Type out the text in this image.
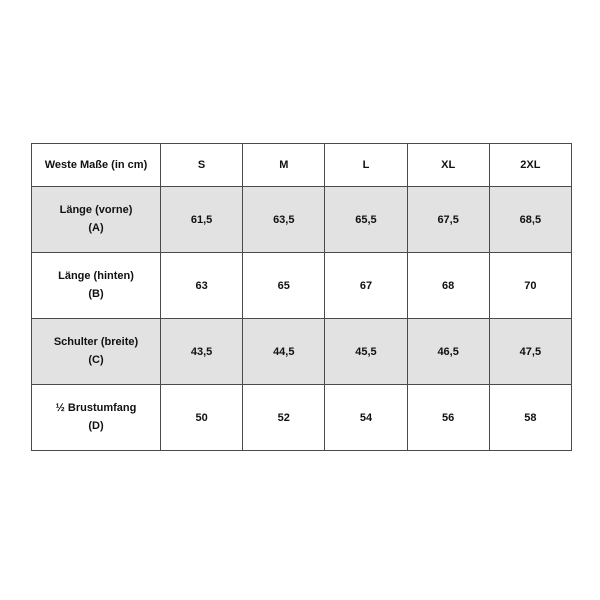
Weste Maße (in cm)	S	M	L	XL	2XL

Länge (vorne)
(A)	61,5	63,5	65,5	67,5	68,5

Länge (hinten)
(B)	63	65	67	68	70

Schulter (breite)
(C)	43,5	44,5	45,5	46,5	47,5

½ Brustumfang
(D)	50	52	54	56	58
